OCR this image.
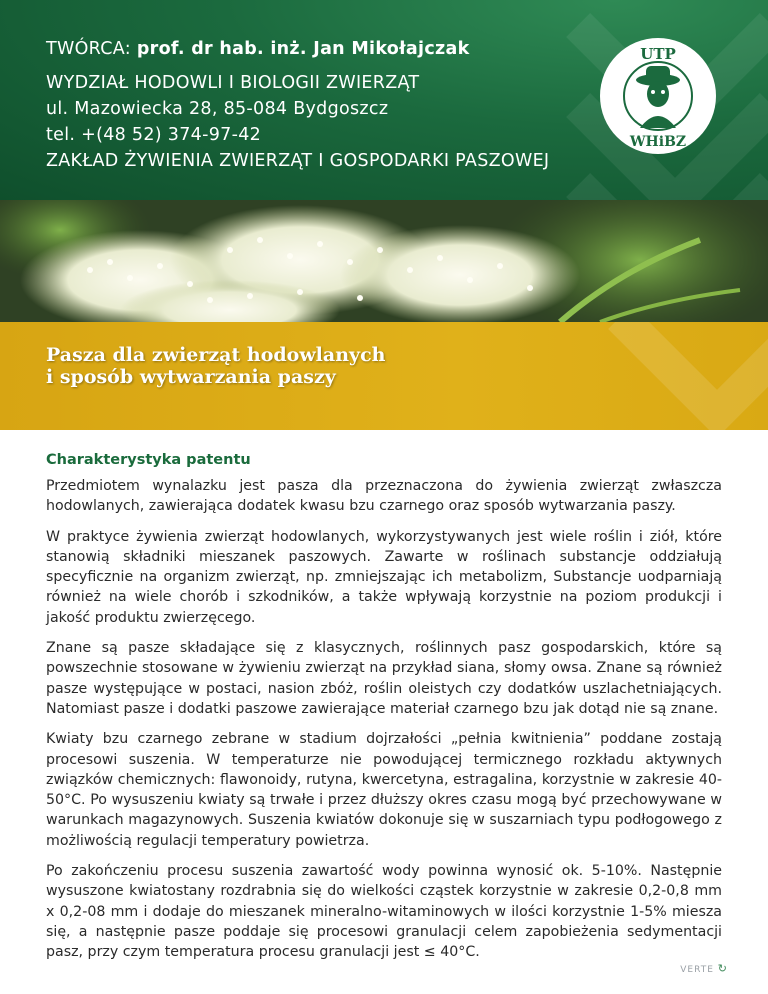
TWÓRCA: prof. dr hab. inż. Jan Mikołajczak
WYDZIAŁ HODOWLI I BIOLOGII ZWIERZĄT
ul. Mazowiecka 28, 85-084 Bydgoszcz
tel. +(48 52) 374-97-42
ZAKŁAD ŻYWIENIA ZWIERZĄT I GOSPODARKI PASZOWEJ
UTP
WHiBZ
Pasza dla zwierząt hodowlanych
i sposób wytwarzania paszy
Charakterystyka patentu

Przedmiotem wynalazku jest pasza dla przeznaczona do żywienia zwierząt zwłaszcza hodowlanych, zawierająca dodatek kwasu bzu czarnego oraz sposób wytwarzania paszy.

W praktyce żywienia zwierząt hodowlanych, wykorzystywanych jest wiele roślin i ziół, które stanowią składniki mieszanek paszowych. Zawarte w roślinach substancje oddziałują specyficznie na organizm zwierząt, np. zmniejszając ich metabolizm, Substancje uodparniają również na wiele chorób i szkodników, a także wpływają korzystnie na poziom produkcji i jakość produktu zwierzęcego.

Znane są pasze składające się z klasycznych, roślinnych pasz gospodarskich, które są powszechnie stosowane w żywieniu zwierząt na przykład siana, słomy owsa. Znane są również pasze występujące w postaci, nasion zbóż, roślin oleistych czy dodatków uszlachetniających. Natomiast pasze i dodatki paszowe zawierające materiał czarnego bzu jak dotąd nie są znane.

Kwiaty bzu czarnego zebrane w stadium dojrzałości „pełnia kwitnienia” poddane zostają procesowi suszenia. W temperaturze nie powodującej termicznego rozkładu aktywnych związków chemicznych: flawonoidy, rutyna, kwercetyna, estragalina, korzystnie w zakresie 40-50°C. Po wysuszeniu kwiaty są trwałe i przez dłuższy okres czasu mogą być przechowywane w warunkach magazynowych. Suszenia kwiatów dokonuje się w suszarniach typu podłogowego z możliwością regulacji temperatury powietrza.

Po zakończeniu procesu suszenia zawartość wody powinna wynosić ok. 5-10%. Następnie wysuszone kwiatostany rozdrabnia się do wielkości cząstek korzystnie w zakresie 0,2-0,8 mm x 0,2-08 mm i dodaje do mieszanek mineralno-witaminowych w ilości korzystnie 1-5% miesza się, a następnie pasze poddaje się procesowi granulacji celem zapobieżenia sedymentacji pasz, przy czym temperatura procesu granulacji jest ≤ 40°C.

VERTE ↻
